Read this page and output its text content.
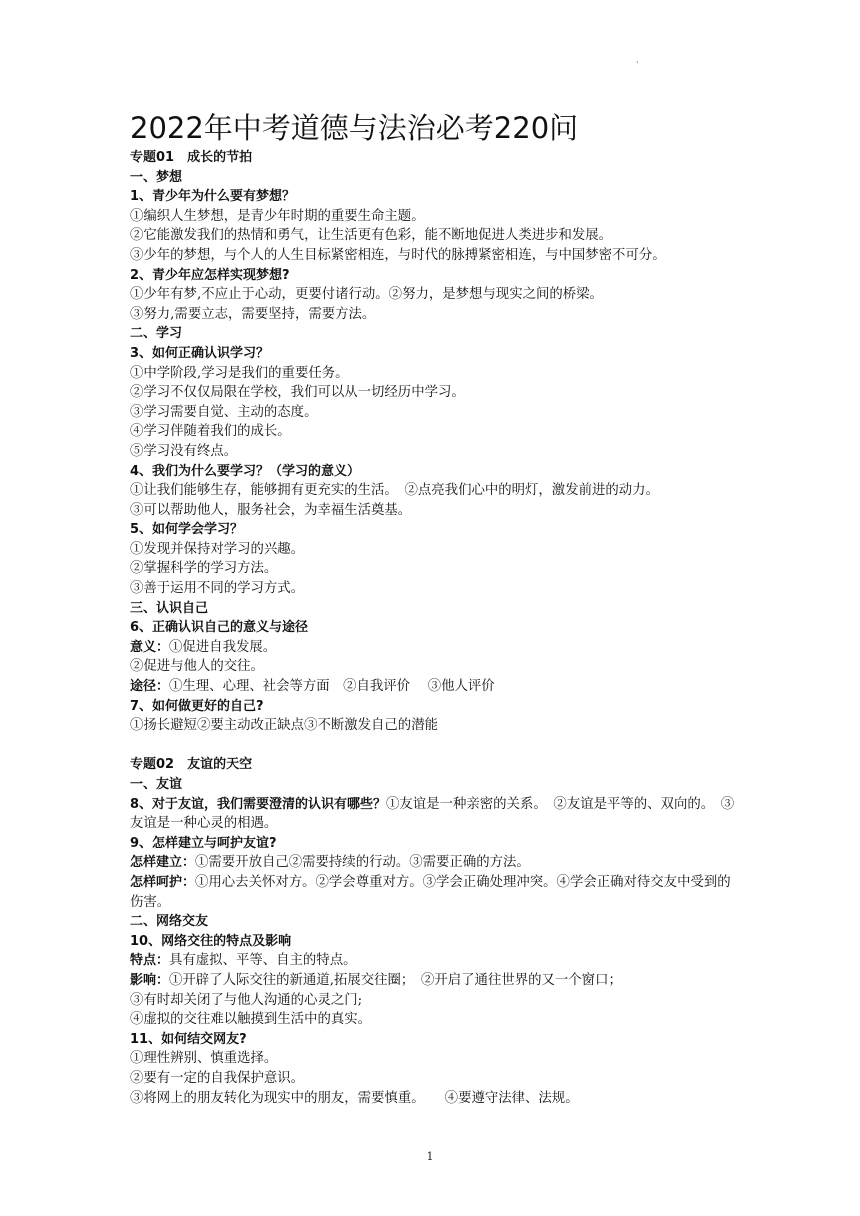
·
2022年中考道德与法治必考220问
专题01　成长的节拍
一、梦想
1、青少年为什么要有梦想？
①编织人生梦想，是青少年时期的重要生命主题。
②它能激发我们的热情和勇气，让生活更有色彩，能不断地促进人类进步和发展。
③少年的梦想，与个人的人生目标紧密相连，与时代的脉搏紧密相连，与中国梦密不可分。
2、青少年应怎样实现梦想?
①少年有梦,不应止于心动，更要付诸行动。②努力，是梦想与现实之间的桥梁。
③努力,需要立志，需要坚持，需要方法。
二、学习
3、如何正确认识学习？
①中学阶段,学习是我们的重要任务。
②学习不仅仅局限在学校，我们可以从一切经历中学习。
③学习需要自觉、主动的态度。
④学习伴随着我们的成长。
⑤学习没有终点。
4、我们为什么要学习？（学习的意义）
①让我们能够生存，能够拥有更充实的生活。　②点亮我们心中的明灯，激发前进的动力。
③可以帮助他人，服务社会，为幸福生活奠基。
5、如何学会学习？
①发现并保持对学习的兴趣。
②掌握科学的学习方法。
③善于运用不同的学习方式。
三、认识自己
6、正确认识自己的意义与途径
意义：①促进自我发展。
②促进与他人的交往。
途径：①生理、心理、社会等方面　②自我评价　 ③他人评价
7、如何做更好的自己?
①扬长避短②要主动改正缺点③不断激发自己的潜能
专题02　友谊的天空
一、友谊
8、对于友谊，我们需要澄清的认识有哪些？①友谊是一种亲密的关系。　②友谊是平等的、双向的。　③友谊是一种心灵的相遇。
9、怎样建立与呵护友谊?
怎样建立：①需要开放自己②需要持续的行动。③需要正确的方法。
怎样呵护：①用心去关怀对方。②学会尊重对方。③学会正确处理冲突。④学会正确对待交友中受到的伤害。
二、网络交友
10、网络交往的特点及影响
特点：具有虚拟、平等、自主的特点。
影响：①开辟了人际交往的新通道,拓展交往圈；　②开启了通往世界的又一个窗口；
③有时却关闭了与他人沟通的心灵之门;
④虚拟的交往难以触摸到生活中的真实。
11、如何结交网友?
①理性辨别、慎重选择。
②要有一定的自我保护意识。
③将网上的朋友转化为现实中的朋友，需要慎重。　　④要遵守法律、法规。
1
